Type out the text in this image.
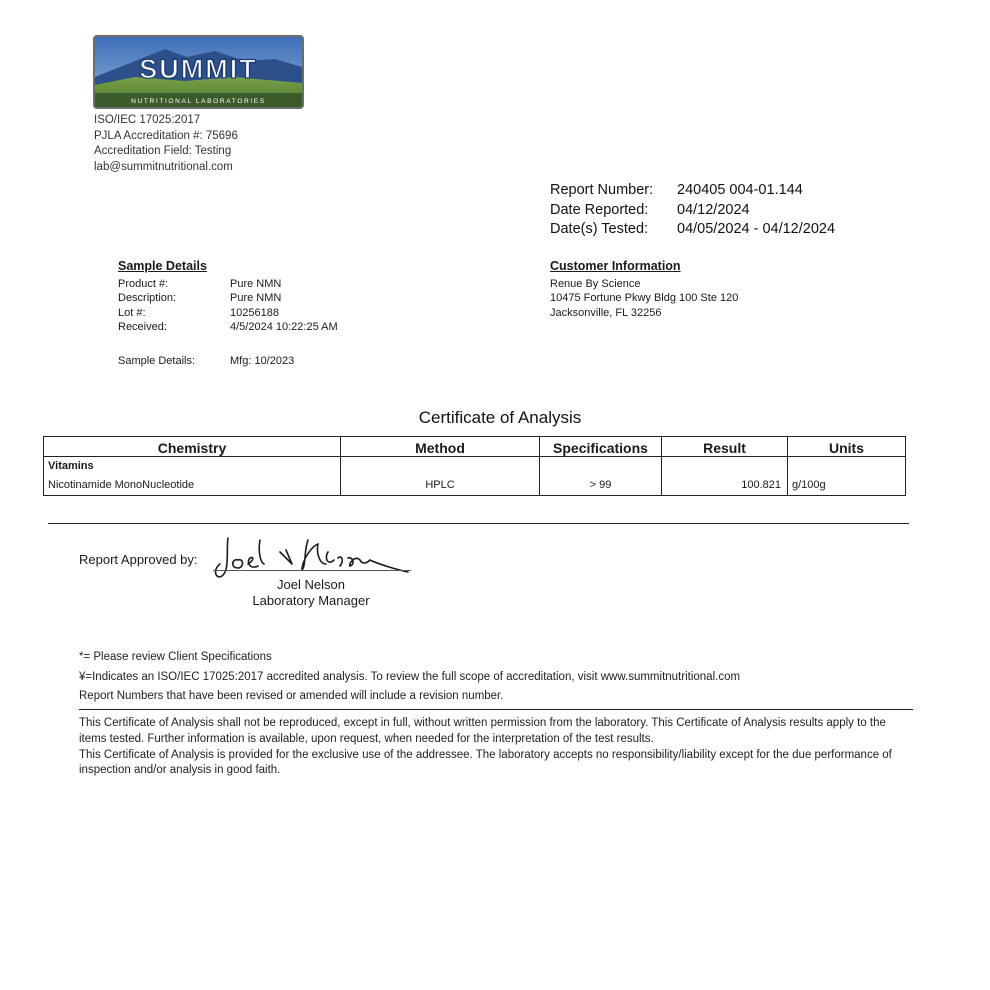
SUMMIT
NUTRITIONAL LABORATORIES
ISO/IEC 17025:2017
PJLA Accreditation #: 75696
Accreditation Field: Testing
lab@summitnutritional.com
Report Number:	240405 004-01.144
Date Reported:	04/12/2024
Date(s) Tested:	04/05/2024 - 04/12/2024
Sample Details
Product #:	Pure NMN
Description:	Pure NMN
Lot #:	10256188
Received:	4/5/2024 10:22:25 AM
Sample Details:	Mfg: 10/2023
Customer Information
Renue By Science
10475 Fortune Pkwy Bldg 100 Ste 120
Jacksonville, FL 32256
Certificate of Analysis
Chemistry	Method	Specifications	Result	Units

Vitamins
Nicotinamide MonoNucleotide	HPLC	> 99	100.821	g/100g
Report Approved by:
Joel Nelson
Laboratory Manager
*= Please review Client Specifications
¥=Indicates an ISO/IEC 17025:2017 accredited analysis. To review the full scope of accreditation, visit www.summitnutritional.com
Report Numbers that have been revised or amended will include a revision number.
This Certificate of Analysis shall not be reproduced, except in full, without written permission from the laboratory. This Certificate of Analysis results apply to the items tested. Further information is available, upon request, when needed for the interpretation of the test results.
This Certificate of Analysis is provided for the exclusive use of the addressee. The laboratory accepts no responsibility/liability except for the due performance of inspection and/or analysis in good faith.
